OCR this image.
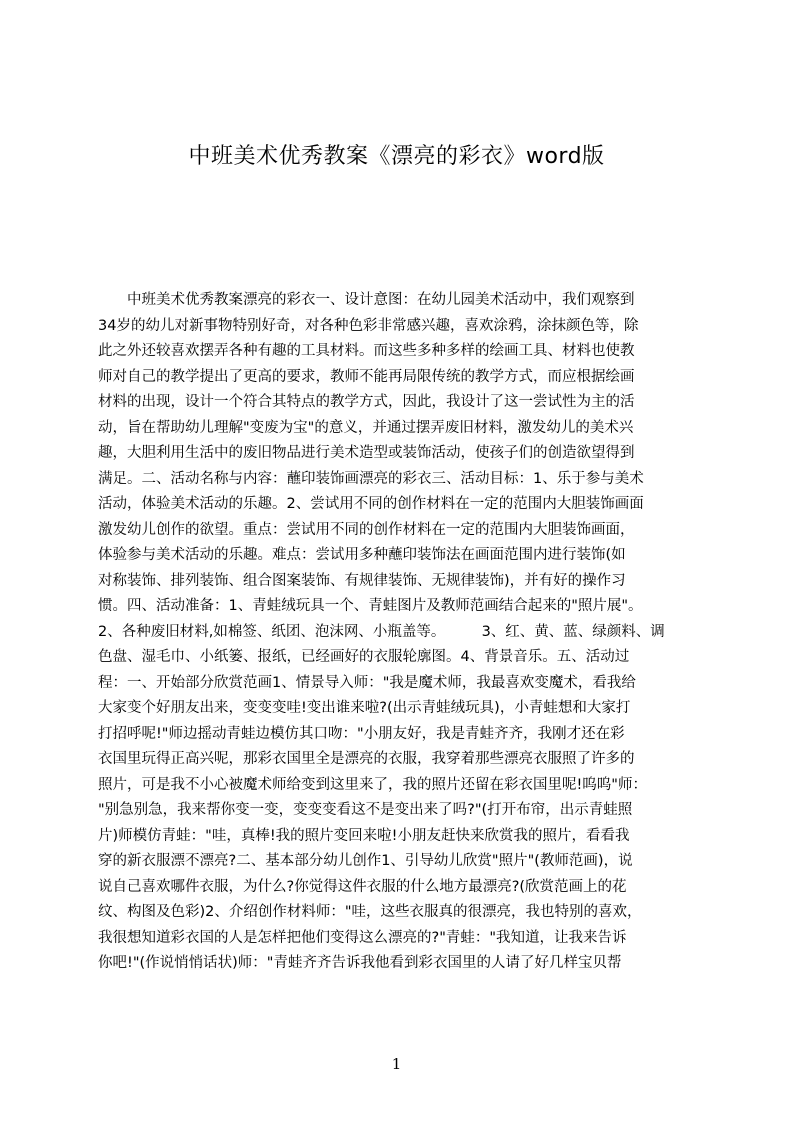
中班美术优秀教案《漂亮的彩衣》word版
　　中班美术优秀教案漂亮的彩衣一、设计意图：在幼儿园美术活动中，我们观察到
34岁的幼儿对新事物特别好奇，对各种色彩非常感兴趣，喜欢涂鸦，涂抹颜色等，除
此之外还较喜欢摆弄各种有趣的工具材料。而这些多种多样的绘画工具、材料也使教
师对自己的教学提出了更高的要求，教师不能再局限传统的教学方式，而应根据绘画
材料的出现，设计一个符合其特点的教学方式，因此，我设计了这一尝试性为主的活
动，旨在帮助幼儿理解"变废为宝"的意义，并通过摆弄废旧材料，激发幼儿的美术兴
趣，大胆利用生活中的废旧物品进行美术造型或装饰活动，使孩子们的创造欲望得到
满足。二、活动名称与内容：蘸印装饰画漂亮的彩衣三、活动目标：1、乐于参与美术
活动，体验美术活动的乐趣。2、尝试用不同的创作材料在一定的范围内大胆装饰画面
激发幼儿创作的欲望。重点：尝试用不同的创作材料在一定的范围内大胆装饰画面，
体验参与美术活动的乐趣。难点：尝试用多种蘸印装饰法在画面范围内进行装饰(如
对称装饰、排列装饰、组合图案装饰、有规律装饰、无规律装饰)，并有好的操作习
惯。四、活动准备：1、青蛙绒玩具一个、青蛙图片及教师范画结合起来的"照片展"。
2、各种废旧材料,如棉签、纸团、泡沫网、小瓶盖等。　　　3、红、黄、蓝、绿颜料、调
色盘、湿毛巾、小纸篓、报纸，已经画好的衣服轮廓图。4、背景音乐。五、活动过
程：一、开始部分欣赏范画1、情景导入师："我是魔术师，我最喜欢变魔术，看我给
大家变个好朋友出来，变变变哇!变出谁来啦?(出示青蛙绒玩具)，小青蛙想和大家打
打招呼呢!"师边摇动青蛙边模仿其口吻："小朋友好，我是青蛙齐齐，我刚才还在彩
衣国里玩得正高兴呢，那彩衣国里全是漂亮的衣服，我穿着那些漂亮衣服照了许多的
照片，可是我不小心被魔术师给变到这里来了，我的照片还留在彩衣国里呢!呜呜"师：
"别急别急，我来帮你变一变，变变变看这不是变出来了吗?"(打开布帘，出示青蛙照
片)师模仿青蛙："哇，真棒!我的照片变回来啦!小朋友赶快来欣赏我的照片，看看我
穿的新衣服漂不漂亮?二、基本部分幼儿创作1、引导幼儿欣赏"照片"(教师范画)，说
说自己喜欢哪件衣服，为什么?你觉得这件衣服的什么地方最漂亮?(欣赏范画上的花
纹、构图及色彩)2、介绍创作材料师："哇，这些衣服真的很漂亮，我也特别的喜欢，
我很想知道彩衣国的人是怎样把他们变得这么漂亮的?"青蛙："我知道，让我来告诉
你吧!"(作说悄悄话状)师："青蛙齐齐告诉我他看到彩衣国里的人请了好几样宝贝帮
1
